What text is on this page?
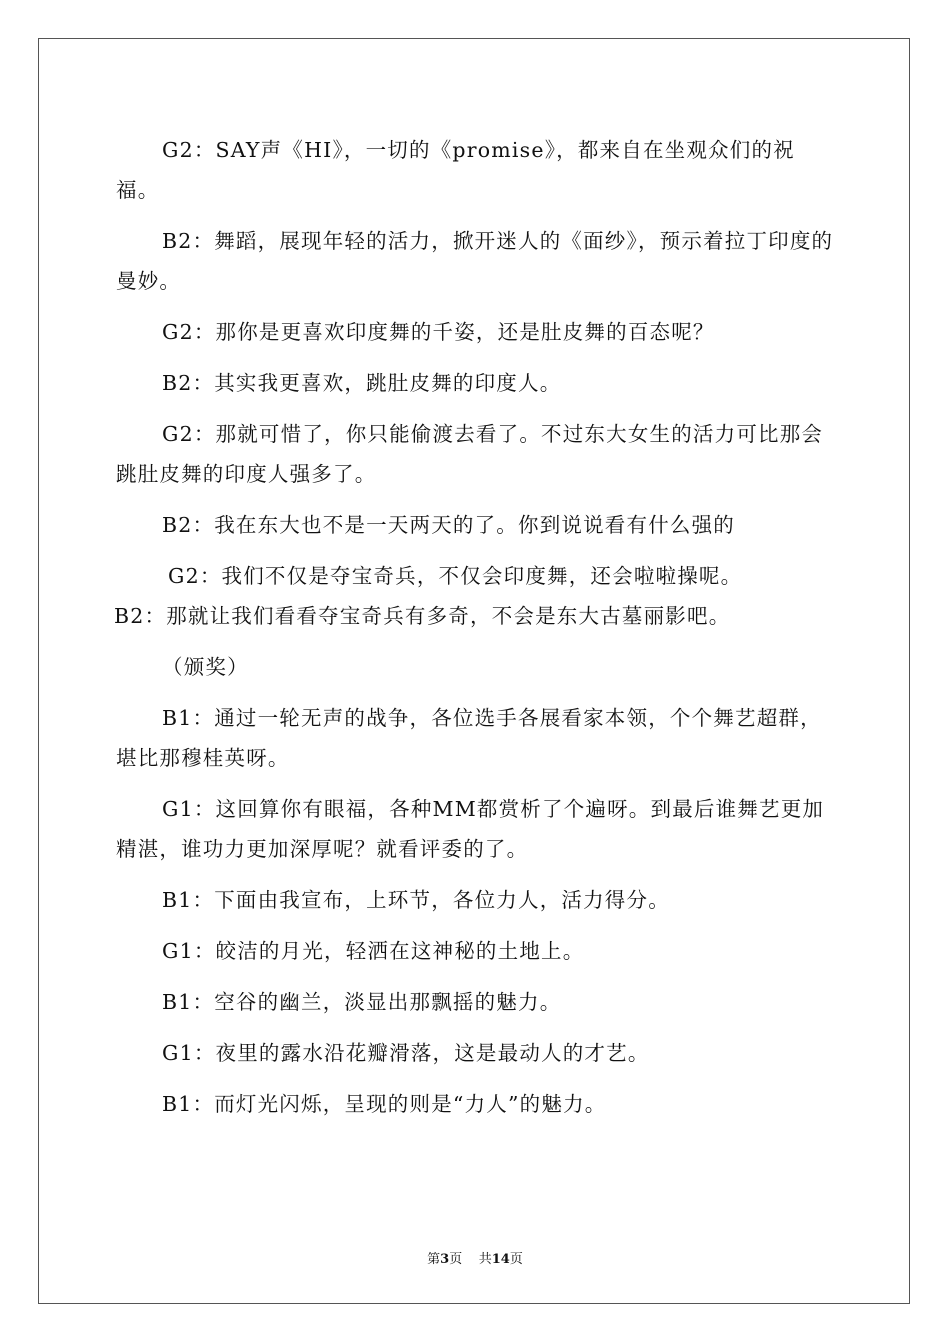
G2：SAY声《HI》，一切的《promise》，都来自在坐观众们的祝福。

B2：舞蹈，展现年轻的活力，掀开迷人的《面纱》，预示着拉丁印度的曼妙。

G2：那你是更喜欢印度舞的千姿，还是肚皮舞的百态呢？

B2：其实我更喜欢，跳肚皮舞的印度人。

G2：那就可惜了，你只能偷渡去看了。不过东大女生的活力可比那会跳肚皮舞的印度人强多了。

B2：我在东大也不是一天两天的了。你到说说看有什么强的

G2：我们不仅是夺宝奇兵，不仅会印度舞，还会啦啦操呢。

B2：那就让我们看看夺宝奇兵有多奇，不会是东大古墓丽影吧。

（颁奖）

B1：通过一轮无声的战争，各位选手各展看家本领，个个舞艺超群，堪比那穆桂英呀。

G1：这回算你有眼福，各种MM都赏析了个遍呀。到最后谁舞艺更加精湛，谁功力更加深厚呢？就看评委的了。

B1：下面由我宣布，上环节，各位力人，活力得分。

G1：皎洁的月光，轻洒在这神秘的土地上。

B1：空谷的幽兰，淡显出那飘摇的魅力。

G1：夜里的露水沿花瓣滑落，这是最动人的才艺。

B1：而灯光闪烁，呈现的则是“力人”的魅力。

第3页    共14页
